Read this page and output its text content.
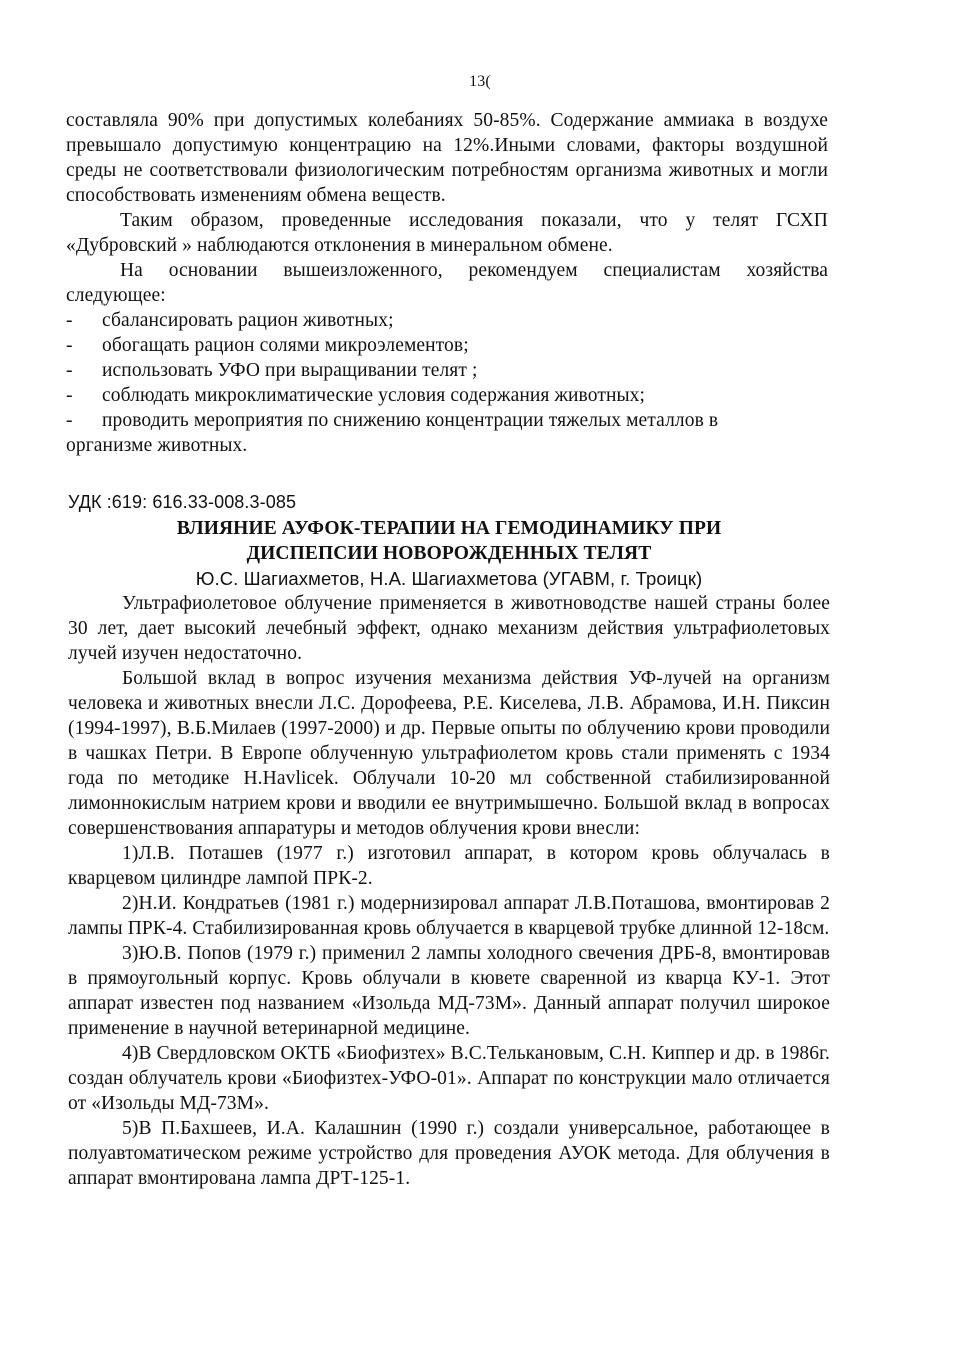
13(

составляла 90% при допустимых колебаниях 50-85%. Содержание аммиака в воздухе превышало допустимую концентрацию на 12%.Иными словами, факторы воздушной среды не соответствовали физиологическим потребностям организма животных и могли способствовать изменениям обмена веществ.

Таким образом, проведенные исследования показали, что у телят ГСХП «Дубровский » наблюдаются отклонения в минеральном обмене.

На основании вышеизложенного, рекомендуем специалистам хозяйства следующее:

-	сбалансировать рацион животных;
-	обогащать рацион солями микроэлементов;
-	использовать УФО при выращивании телят ;
-	соблюдать микроклиматические условия содержания животных;
-	проводить мероприятия по снижению концентрации тяжелых металлов в

организме животных.

УДК :619: 616.33-008.3-085
ВЛИЯНИЕ АУФОК-ТЕРАПИИ НА ГЕМОДИНАМИКУ ПРИ
ДИСПЕПСИИ НОВОРОЖДЕННЫХ ТЕЛЯТ
Ю.С. Шагиахметов, Н.А. Шагиахметова (УГАВМ, г. Троицк)

Ультрафиолетовое облучение применяется в животноводстве нашей страны более 30 лет, дает высокий лечебный эффект, однако механизм действия ультрафиолетовых лучей изучен недостаточно.

Большой вклад в вопрос изучения механизма действия УФ-лучей на организм человека и животных внесли Л.С. Дорофеева, Р.Е. Киселева, Л.В. Абрамова, И.Н. Пиксин (1994-1997), В.Б.Милаев (1997-2000) и др. Первые опыты по облучению крови проводили в чашках Петри. В Европе облученную ультрафиолетом кровь стали применять с 1934 года по методике H.Havlicek. Облучали 10-20 мл собственной стабилизированной лимоннокислым натрием крови и вводили ее внутримышечно. Большой вклад в вопросах совершенствования аппаратуры и методов облучения крови внесли:

1)Л.В. Поташев (1977 г.) изготовил аппарат, в котором кровь облучалась в кварцевом цилиндре лампой ПРК-2.

2)Н.И. Кондратьев (1981 г.) модернизировал аппарат Л.В.Поташова, вмонтировав 2 лампы ПРК-4. Стабилизированная кровь облучается в кварцевой трубке длинной 12-18см.

3)Ю.В. Попов (1979 г.) применил 2 лампы холодного свечения ДРБ-8, вмонтировав в прямоугольный корпус. Кровь облучали в кювете сваренной из кварца КУ-1. Этот аппарат известен под названием «Изольда МД-73М». Данный аппарат получил широкое применение в научной ветеринарной медицине.

4)В Свердловском ОКТБ «Биофизтех» В.С.Тельканoвым, С.Н. Киппер и др. в 1986г. создан облучатель крови «Биофизтех-УФО-01». Аппарат по конструкции мало отличается от «Изольды МД-73М».

5)В П.Бахшеев, И.А. Калашнин (1990 г.) создали универсальное, работающее в полуавтоматическом режиме устройство для проведения АУОК метода. Для облучения в аппарат вмонтирована лампа ДРТ-125-1.
